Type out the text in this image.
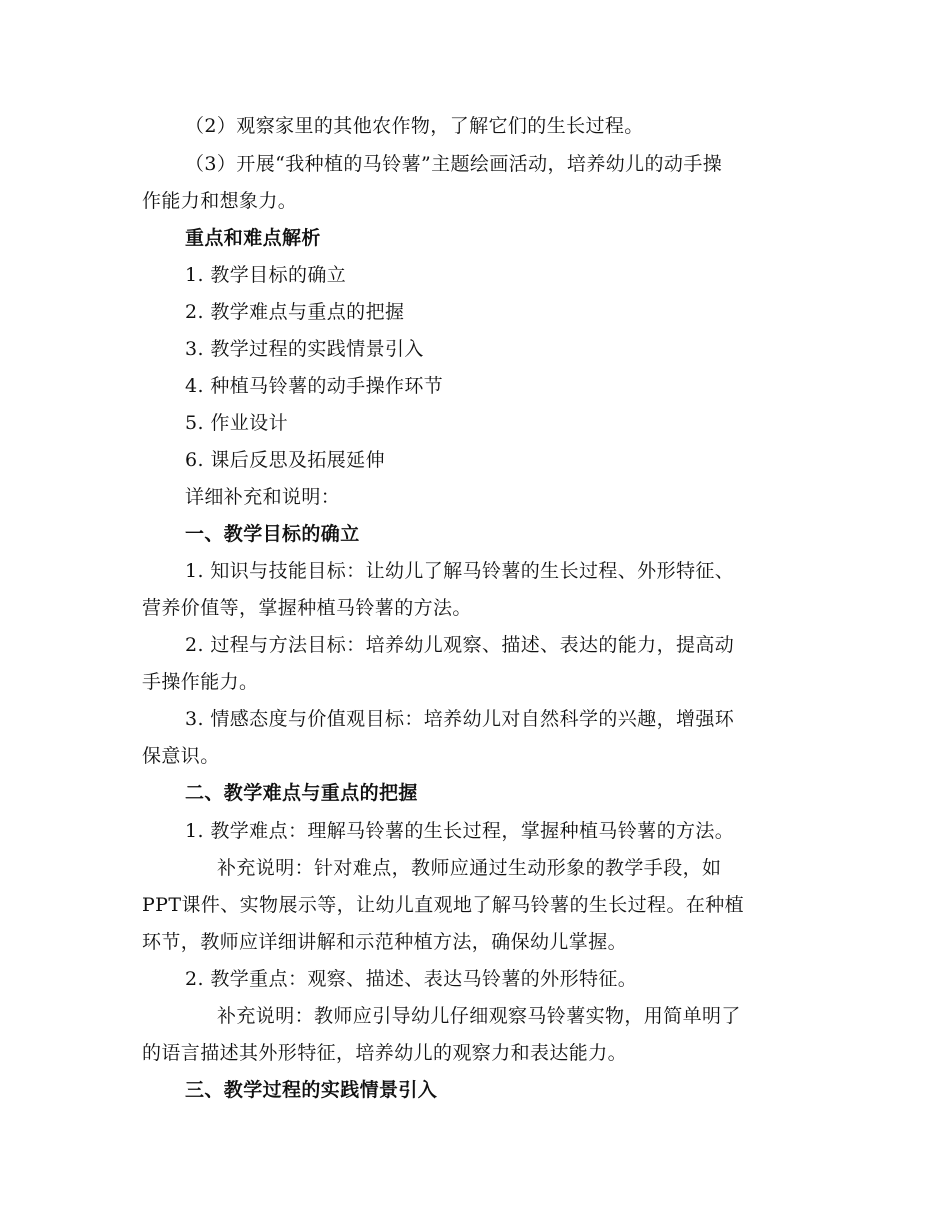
（2）观察家里的其他农作物，了解它们的生长过程。
（3）开展“我种植的马铃薯”主题绘画活动，培养幼儿的动手操
作能力和想象力。
重点和难点解析
1. 教学目标的确立
2. 教学难点与重点的把握
3. 教学过程的实践情景引入
4. 种植马铃薯的动手操作环节
5. 作业设计
6. 课后反思及拓展延伸
详细补充和说明：
一、教学目标的确立
1. 知识与技能目标：让幼儿了解马铃薯的生长过程、外形特征、
营养价值等，掌握种植马铃薯的方法。
2. 过程与方法目标：培养幼儿观察、描述、表达的能力，提高动
手操作能力。
3. 情感态度与价值观目标：培养幼儿对自然科学的兴趣，增强环
保意识。
二、教学难点与重点的把握
1. 教学难点：理解马铃薯的生长过程，掌握种植马铃薯的方法。
补充说明：针对难点，教师应通过生动形象的教学手段，如
PPT课件、实物展示等，让幼儿直观地了解马铃薯的生长过程。在种植
环节，教师应详细讲解和示范种植方法，确保幼儿掌握。
2. 教学重点：观察、描述、表达马铃薯的外形特征。
补充说明：教师应引导幼儿仔细观察马铃薯实物，用简单明了
的语言描述其外形特征，培养幼儿的观察力和表达能力。
三、教学过程的实践情景引入
